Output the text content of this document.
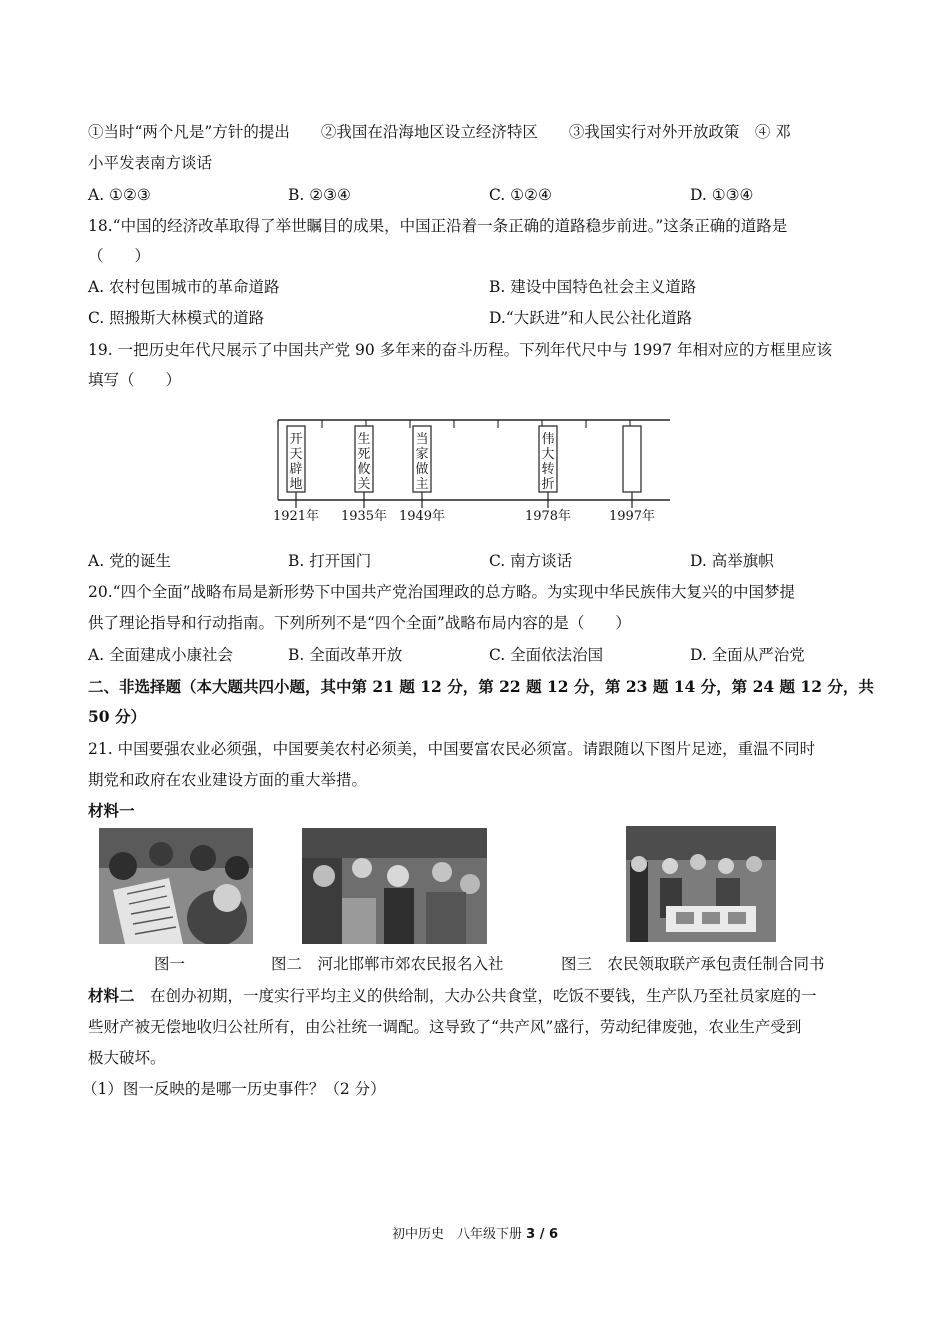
①当时“两个凡是”方针的提出　　②我国在沿海地区设立经济特区　　③我国实行对外开放政策　④ 邓
小平发表南方谈话
A. ①②③	B. ②③④	C. ①②④	D. ①③④
18.“中国的经济改革取得了举世瞩目的成果，中国正沿着一条正确的道路稳步前进。”这条正确的道路是
（　　）
A. 农村包围城市的革命道路	B. 建设中国特色社会主义道路
C. 照搬斯大林模式的道路	D.“大跃进”和人民公社化道路
19. 一把历史年代尺展示了中国共产党 90 多年来的奋斗历程。下列年代尺中与 1997 年相对应的方框里应该
填写（　　）
开
天
辟
地
生
死
攸
关
当
家
做
主
伟
大
转
折
1921年 1935年 1949年	1978年	1997年
A. 党的诞生	B. 打开国门	C. 南方谈话	D. 高举旗帜
20.“四个全面”战略布局是新形势下中国共产党治国理政的总方略。为实现中华民族伟大复兴的中国梦提
供了理论指导和行动指南。下列所列不是“四个全面”战略布局内容的是（　　）
A. 全面建成小康社会	B. 全面改革开放	C. 全面依法治国	D. 全面从严治党
二、非选择题（本大题共四小题，其中第 21 题 12 分，第 22 题 12 分，第 23 题 14 分，第 24 题 12 分，共
50 分）
21. 中国要强农业必须强，中国要美农村必须美，中国要富农民必须富。请跟随以下图片足迹，重温不同时
期党和政府在农业建设方面的重大举措。
材料一
图一	图二　河北邯郸市郊农民报名入社	图三　农民领取联产承包责任制合同书
材料二　在创办初期，一度实行平均主义的供给制，大办公共食堂，吃饭不要钱，生产队乃至社员家庭的一
些财产被无偿地收归公社所有，由公社统一调配。这导致了“共产风”盛行，劳动纪律废弛，农业生产受到
极大破坏。
（1）图一反映的是哪一历史事件？（2 分）
初中历史　八年级下册 3 / 6
